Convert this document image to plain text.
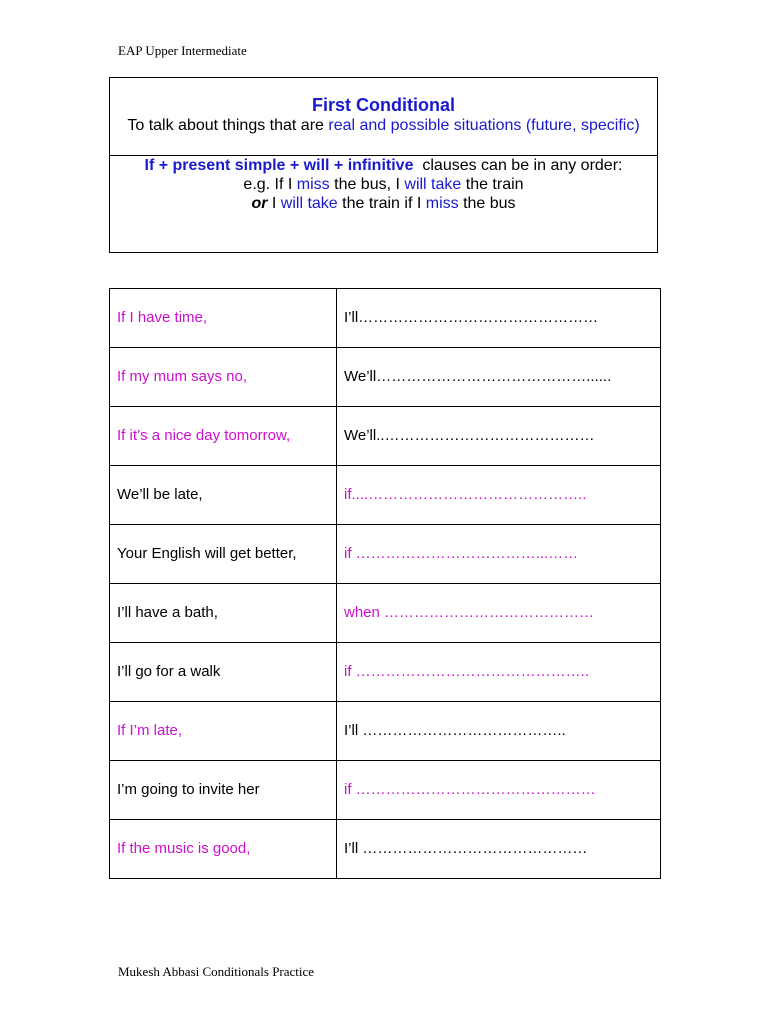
EAP Upper Intermediate
First Conditional
To talk about things that are real and possible situations (future, specific)
If + present simple + will + infinitive  clauses can be in any order:
e.g. If I miss the bus, I will take the train
or I will take the train if I miss the bus
If I have time,	I’ll…………………………………………
If my mum says no,	We’ll……………………………………......
If it’s a nice day tomorrow,	We’ll..……………………………………
We’ll be late,	if....……………………………………..
Your English will get better,	if ………………………………...……
I’ll have a bath,	when ……………………………………
I’ll go for a walk	if ………………………………………..
If I’m late,	I’ll …………………………………..
I’m going to invite her	if …………………………………………
If the music is good,	I’ll ………………………………………
Mukesh Abbasi Conditionals Practice
